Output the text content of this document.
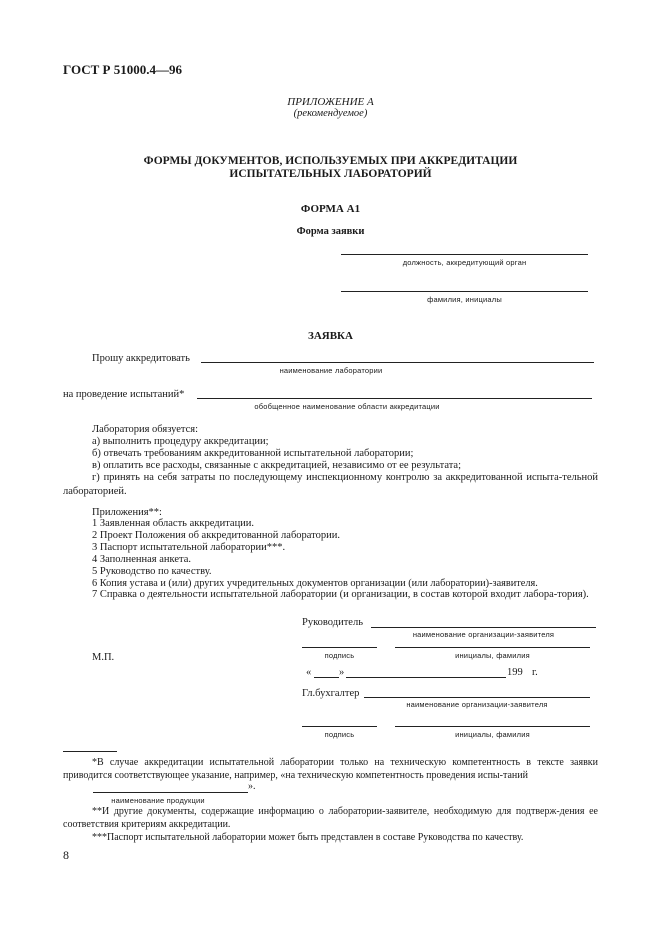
ГОСТ Р 51000.4—96
ПРИЛОЖЕНИЕ А
(рекомендуемое)
ФОРМЫ ДОКУМЕНТОВ, ИСПОЛЬЗУЕМЫХ ПРИ АККРЕДИТАЦИИ
ИСПЫТАТЕЛЬНЫХ ЛАБОРАТОРИЙ
ФОРМА А1
Форма заявки
должность, аккредитующий орган
фамилия, инициалы
ЗАЯВКА
Прошу аккредитовать
наименование лаборатории
на проведение испытаний*
обобщенное наименование области аккредитации
Лаборатория обязуется:
а) выполнить процедуру аккредитации;
б) отвечать требованиям аккредитованной испытательной лаборатории;
в) оплатить все расходы, связанные с аккредитацией, независимо от ее результата;
г) принять на себя затраты по последующему инспекционному контролю за аккредитованной испыта-тельной лабораторией.
Приложения**:
1 Заявленная область аккредитации.
2 Проект Положения об аккредитованной лаборатории.
3 Паспорт испытательной лаборатории***.
4 Заполненная анкета.
5 Руководство по качеству.
6 Копия устава и (или) других учредительных документов организации (или лаборатории)-заявителя.
7 Справка о деятельности испытательной лаборатории (и организации, в состав которой входит лабора-тория).
Руководитель
наименование организации-заявителя
подпись	инициалы, фамилия
М.П.
«	»	199 г.
Гл.бухгалтер
наименование организации-заявителя
подпись	инициалы, фамилия
*В случае аккредитации испытательной лаборатории только на техническую компетентность в тексте заявки приводится соответствующее указание, например, «на техническую компетентность проведения испы-таний
».
наименование продукции
**И другие документы, содержащие информацию о лаборатории-заявителе, необходимую для подтверж-дения ее соответствия критериям аккредитации.
***Паспорт испытательной лаборатории может быть представлен в составе Руководства по качеству.
8
